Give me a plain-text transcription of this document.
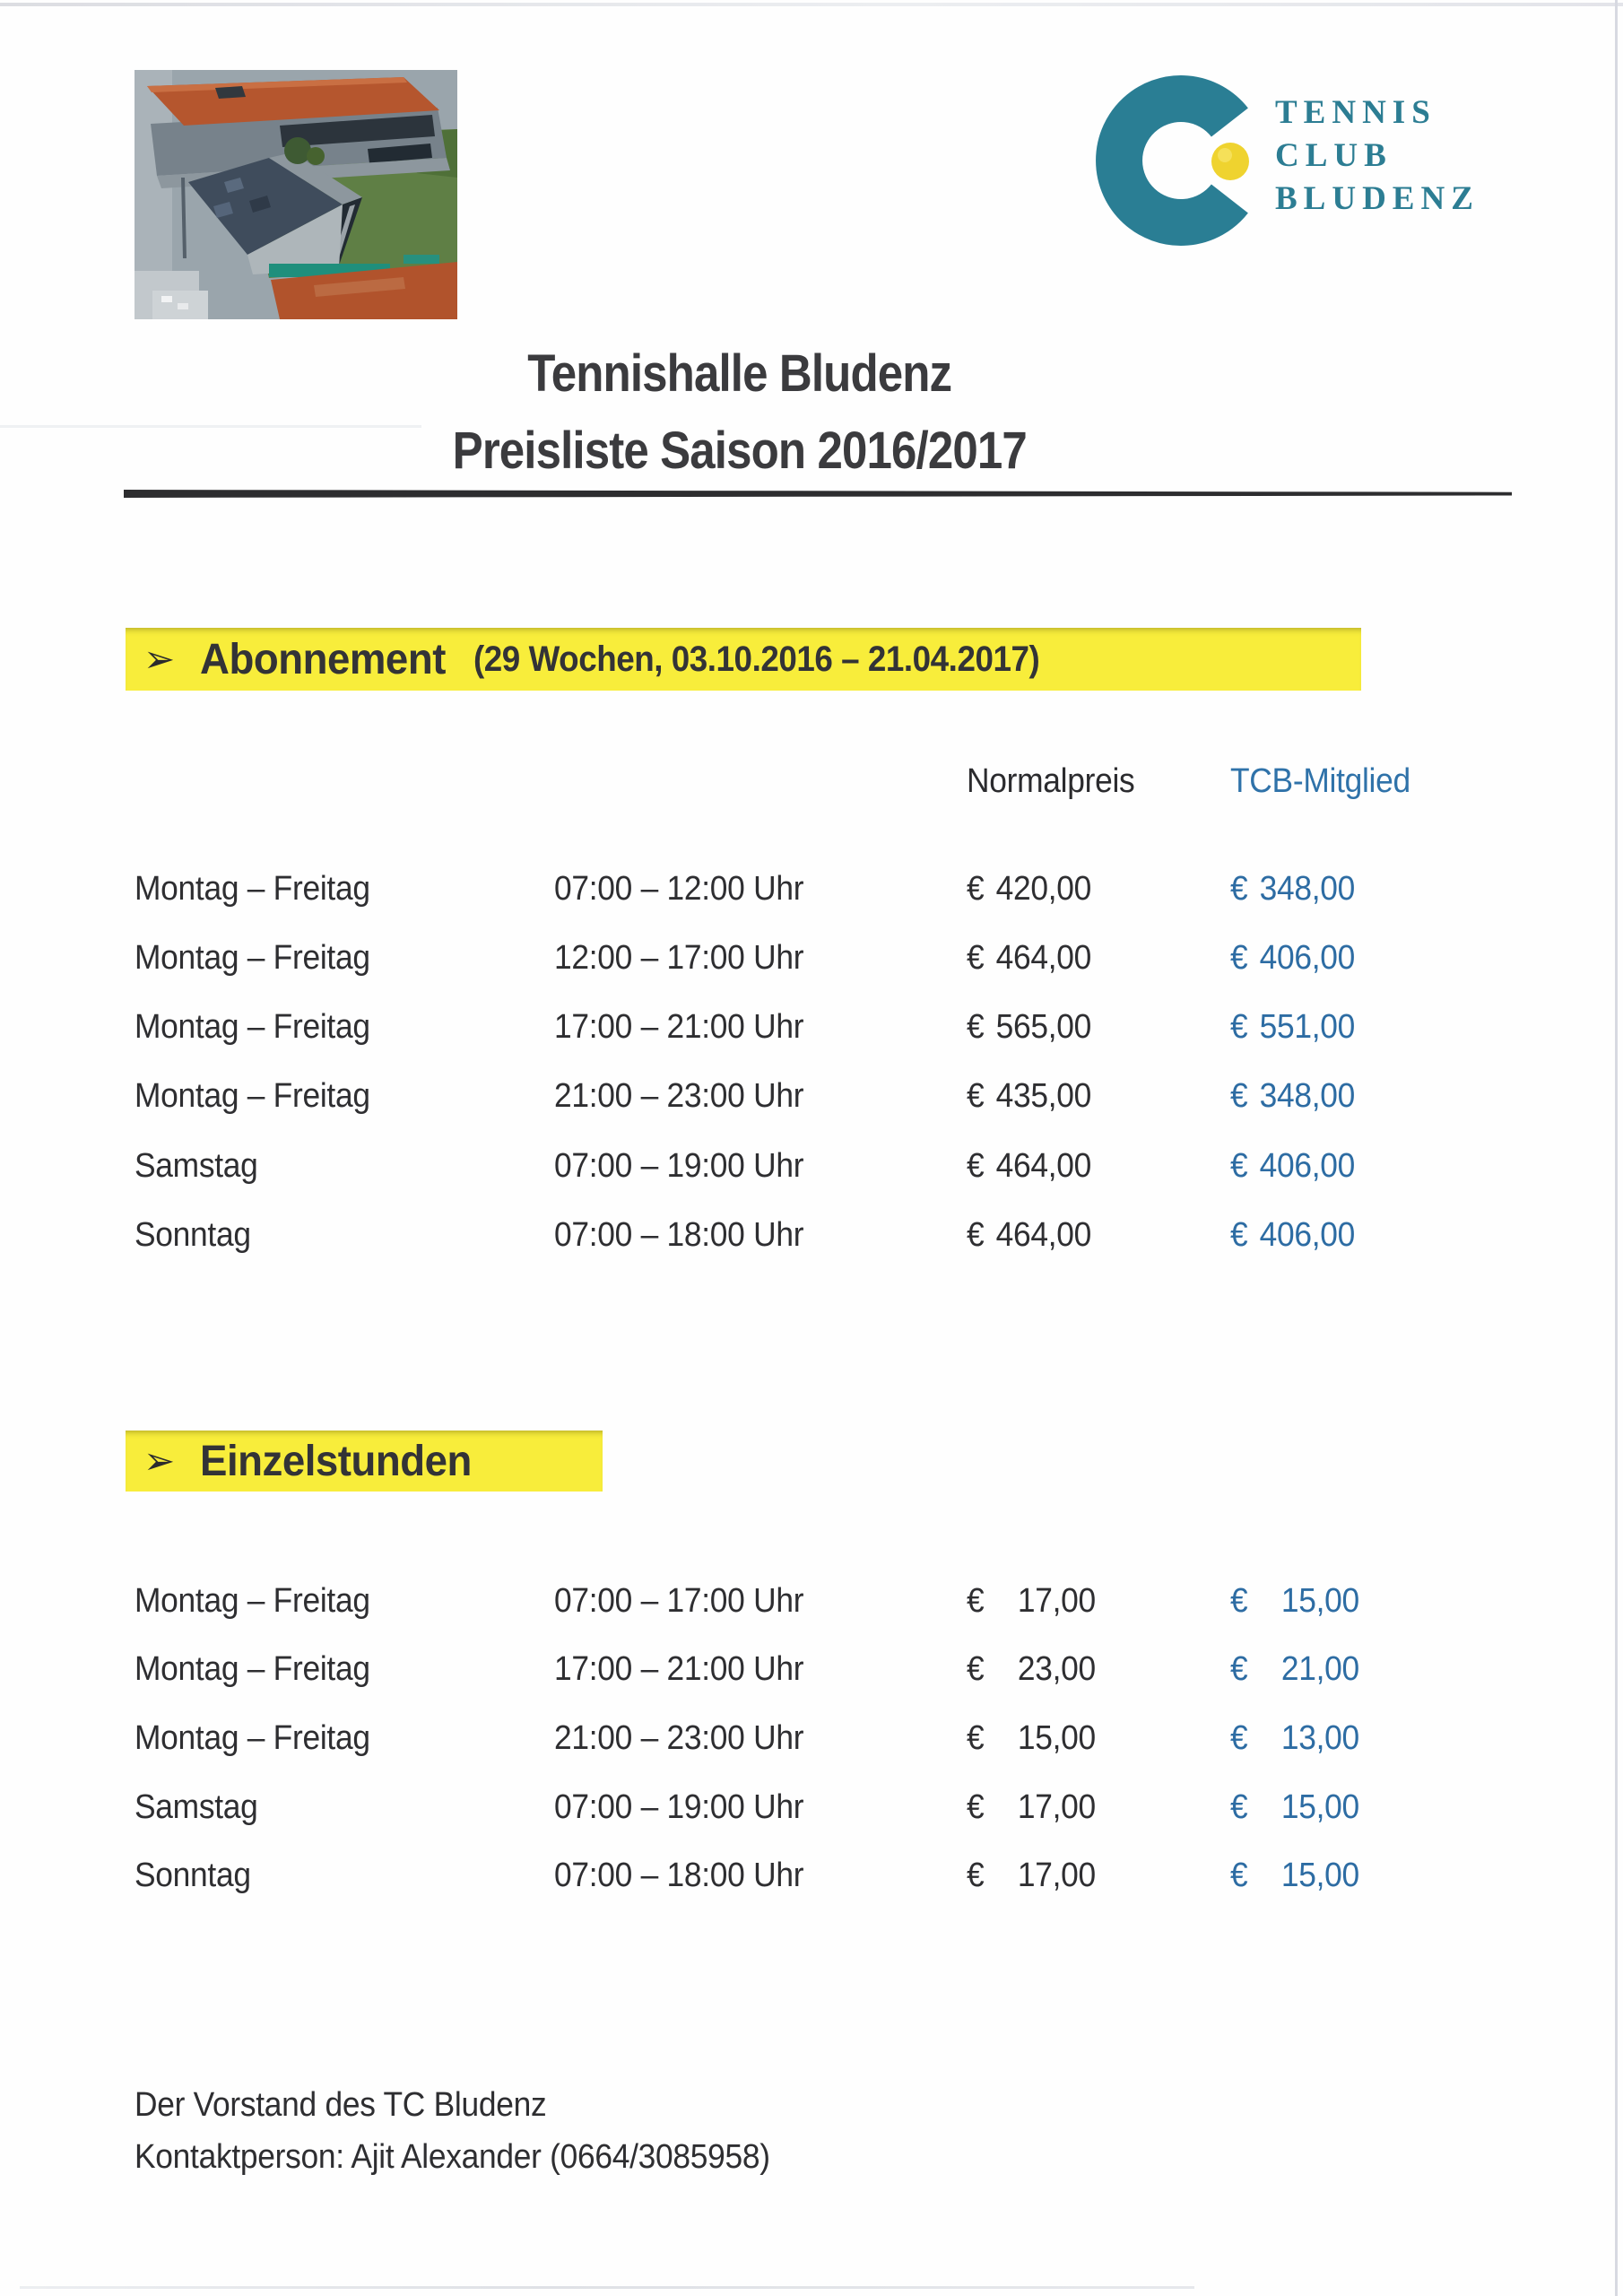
TENNIS
CLUB
BLUDENZ
Tennishalle Bludenz
Preisliste Saison 2016/2017
➢ Abonnement (29 Wochen, 03.10.2016 – 21.04.2017)
Normalpreis	TCB-Mitglied
Montag – Freitag	07:00 – 12:00 Uhr	€ 420,00	€ 348,00
Montag – Freitag	12:00 – 17:00 Uhr	€ 464,00	€ 406,00
Montag – Freitag	17:00 – 21:00 Uhr	€ 565,00	€ 551,00
Montag – Freitag	21:00 – 23:00 Uhr	€ 435,00	€ 348,00
Samstag	07:00 – 19:00 Uhr	€ 464,00	€ 406,00
Sonntag	07:00 – 18:00 Uhr	€ 464,00	€ 406,00
➢ Einzelstunden
Montag – Freitag	07:00 – 17:00 Uhr	€ 17,00	€ 15,00
Montag – Freitag	17:00 – 21:00 Uhr	€ 23,00	€ 21,00
Montag – Freitag	21:00 – 23:00 Uhr	€ 15,00	€ 13,00
Samstag	07:00 – 19:00 Uhr	€ 17,00	€ 15,00
Sonntag	07:00 – 18:00 Uhr	€ 17,00	€ 15,00
Der Vorstand des TC Bludenz
Kontaktperson: Ajit Alexander (0664/3085958)
